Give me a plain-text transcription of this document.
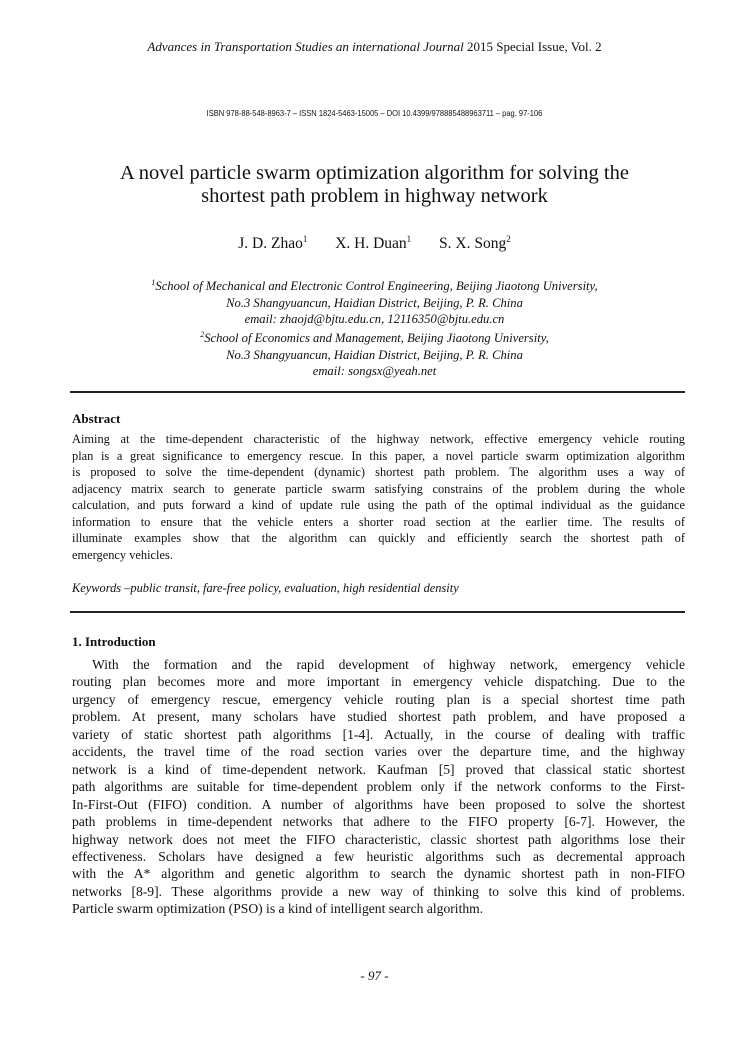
Advances in Transportation Studies an international Journal 2015 Special Issue, Vol. 2
ISBN 978-88-548-8963-7 – ISSN 1824-5463-15005 – DOI 10.4399/978885488963711 – pag. 97-106
A novel particle swarm optimization algorithm for solving the
shortest path problem in highway network
J. D. Zhao$^1$ X. H. Duan$^1$ S. X. Song$^2$
$^1$School of Mechanical and Electronic Control Engineering, Beijing Jiaotong University,
No.3 Shangyuancun, Haidian District, Beijing, P. R. China
email: zhaojd@bjtu.edu.cn, 12116350@bjtu.edu.cn
$^2$School of Economics and Management, Beijing Jiaotong University,
No.3 Shangyuancun, Haidian District, Beijing, P. R. China
email: songsx@yeah.net
Abstract
Aiming at the time-dependent characteristic of the highway network, effective emergency vehicle routing
plan is a great significance to emergency rescue. In this paper, a novel particle swarm optimization algorithm
is proposed to solve the time-dependent (dynamic) shortest path problem. The algorithm uses a way of
adjacency matrix search to generate particle swarm satisfying constrains of the problem during the whole
calculation, and puts forward a kind of update rule using the path of the optimal individual as the guidance
information to ensure that the vehicle enters a shorter road section at the earlier time. The results of
illuminate examples show that the algorithm can quickly and efficiently search the shortest path of
emergency vehicles.
Keywords –public transit, fare-free policy, evaluation, high residential density
1. Introduction
With the formation and the rapid development of highway network, emergency vehicle
routing plan becomes more and more important in emergency vehicle dispatching. Due to the
urgency of emergency rescue, emergency vehicle routing plan is a special shortest time path
problem. At present, many scholars have studied shortest path problem, and have proposed a
variety of static shortest path algorithms [1-4]. Actually, in the course of dealing with traffic
accidents, the travel time of the road section varies over the departure time, and the highway
network is a kind of time-dependent network. Kaufman [5] proved that classical static shortest
path algorithms are suitable for time-dependent problem only if the network conforms to the First-
In-First-Out (FIFO) condition. A number of algorithms have been proposed to solve the shortest
path problems in time-dependent networks that adhere to the FIFO property [6-7]. However, the
highway network does not meet the FIFO characteristic, classic shortest path algorithms lose their
effectiveness. Scholars have designed a few heuristic algorithms such as decremental approach
with the A* algorithm and genetic algorithm to search the dynamic shortest path in non-FIFO
networks [8-9]. These algorithms provide a new way of thinking to solve this kind of problems.
Particle swarm optimization (PSO) is a kind of intelligent search algorithm.
- 97 -
